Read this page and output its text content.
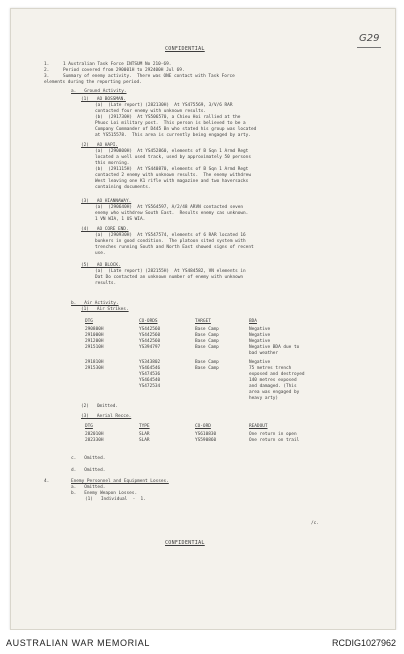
G29
CONFIDENTIAL
1.	1 Australian Task Force INTSUM No 210-69.
2.	Period covered from 290001H to 292400H Jul 69.
3.	Summary of enemy activity.  There was ONE contact with Task Force
elements during the reporting period.
a.   Ground Activity.
(1)   AO BOSSMAN.
(a)  (Late report) (282130H)  At YS475569, 3/V/6 RAR
contacted four enemy with unknown results.
(b)  (291730H)  At YS506570, a Chieu Hoi rallied at the
Phuoc Loi military post.  This person is believed to be a
Company Commander of D445 Bn who stated his group was located
at YS515578.  This area is currently being engaged by arty.
(2)   AO HAPI.
(a)  (290800H)  At YS452860, elements of B Sqn 1 Armd Regt
located a well used track, used by approximately 50 persons
this morning.
(b)  (291115H)  At YS440870, elements of B Sqn 1 Armd Regt
contacted 2 enemy with unknown results.  The enemy withdrew
West leaving one K1 rifle with magazine and two haversacks
containing documents.
(3)   AO HIANNAWAY.
(a)  (290640H)  At YS564597, A/2/48 ARVN contacted seven
enemy who withdrew South East.  Results enemy cas unknown.
1 VN WIA, 1 US WIA.
(4)   AO CORE END.
(a)  (290930H)  At YS547574, elements of 6 RAR located 16
bunkers in good condition.  The platoon sited system with
trenches running South and North East showed signs of recent
use.
(5)   AO BLOCK.
(a)  (Late report) (282155H)  At YS484582, VN elements in
Dat Do contacted an unknown number of enemy with unknown
results.
b.   Air Activity.
(1)   Air Strikes.
DTG	CO-ORDS	TARGET	BDA
290800H	YS442560	Base Camp	Negative
291000H	YS442560	Base Camp	Negative
291200H	YS442560	Base Camp	Negative
291510H	YS394797	Base Camp	Negative BDA due to
bad weather
291810H	YS343802	Base Camp	Negative
291530H	YS464546	Base Camp	75 metres trench
YS474536	exposed and destroyed
YS464540	140 metres exposed
YS472534	and damaged. (This
area was engaged by
heavy arty)
(2)   Omitted.
(3)   Aerial Recce.
DTG	TYPE	CO-ORD	READOUT
282010H	SLAR	YS610830	One return in open
282330H	SLAR	YS590860	One return on trail
c.   Omitted.
d.   Omitted.
4.	Enemy Personnel and Equipment Losses.
a.   Omitted.
b.   Enemy Weapon Losses.
(1)   Individual  -  1.
/c.
CONFIDENTIAL
AUSTRALIAN WAR MEMORIAL	RCDIG1027962
